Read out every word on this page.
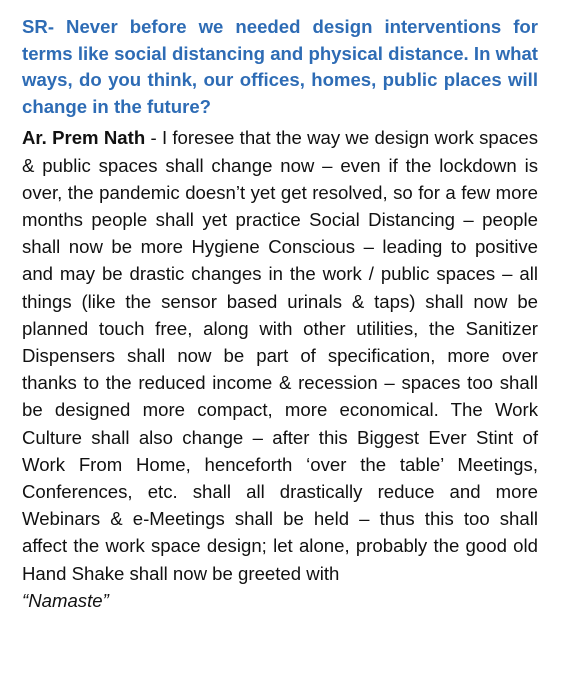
SR- Never before we needed design interventions for terms like social distancing and physical distance. In what ways, do you think, our offices, homes, public places will change in the future?

Ar. Prem Nath - I foresee that the way we design work spaces & public spaces shall change now – even if the lockdown is over, the pandemic doesn’t yet get resolved, so for a few more months people shall yet practice Social Distancing – people shall now be more Hygiene Conscious – leading to positive and may be drastic changes in the work / public spaces – all things (like the sensor based urinals & taps) shall now be planned touch free, along with other utilities, the Sanitizer Dispensers shall now be part of specification, more over thanks to the reduced income & recession – spaces too shall be designed more compact, more economical. The Work Culture shall also change – after this Biggest Ever Stint of Work From Home, henceforth ‘over the table’ Meetings, Conferences, etc. shall all drastically reduce and more Webinars & e-Meetings shall be held – thus this too shall affect the work space design; let alone, probably the good old Hand Shake shall now be greeted with
“Namaste”
